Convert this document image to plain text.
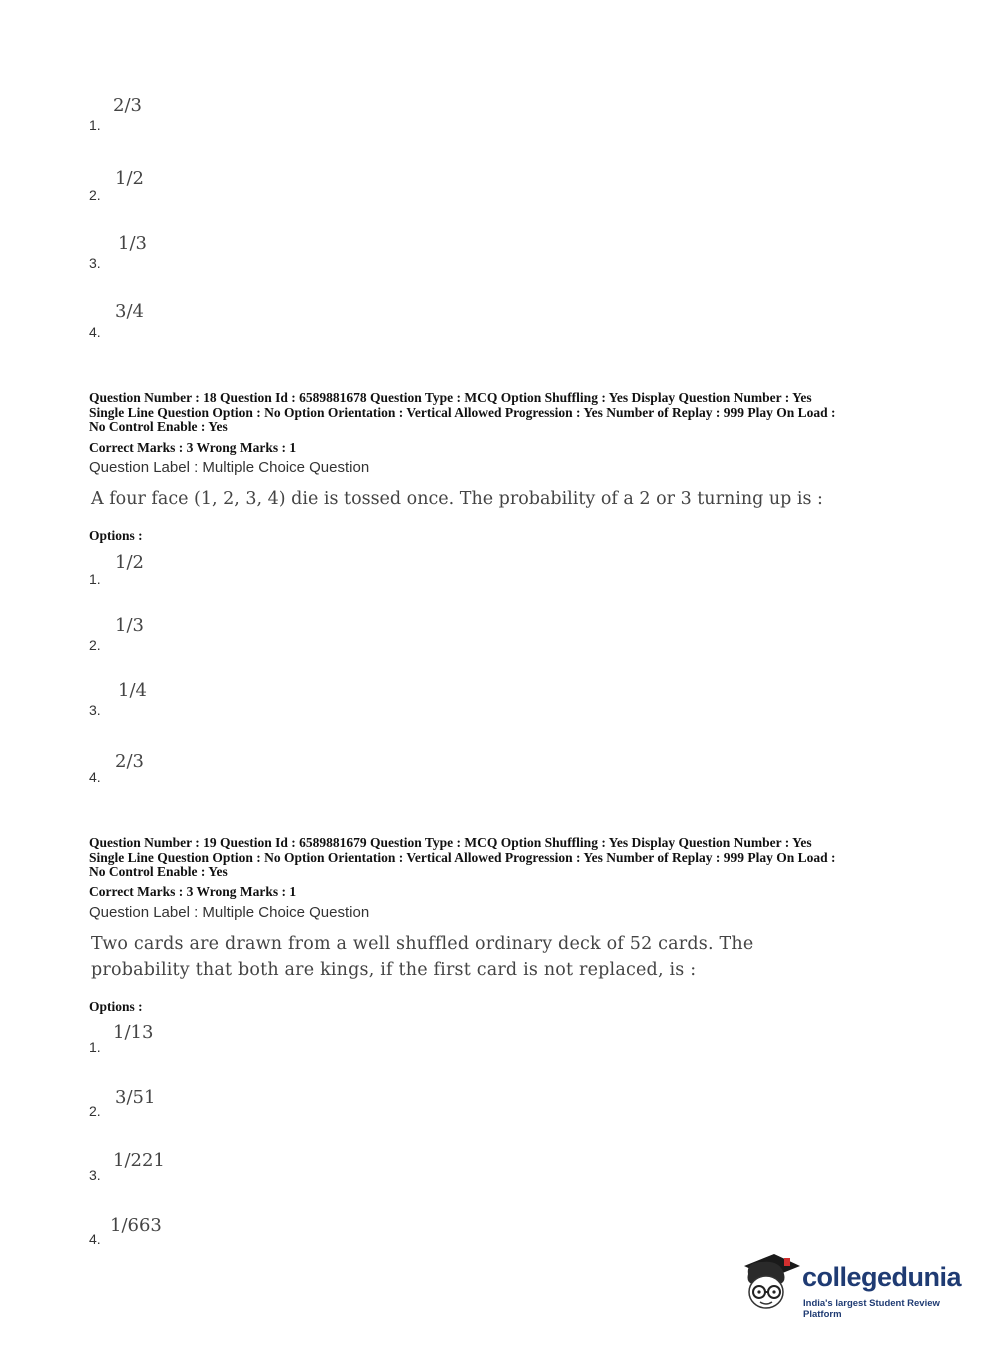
2/3
1.
1/2
2.
1/3
3.
3/4
4.
Question Number : 18 Question Id : 6589881678 Question Type : MCQ Option Shuffling : Yes Display Question Number : Yes
Single Line Question Option : No Option Orientation : Vertical Allowed Progression : Yes Number of Replay : 999 Play On Load :
No Control Enable : Yes
Correct Marks : 3 Wrong Marks : 1
Question Label : Multiple Choice Question
A four face (1, 2, 3, 4) die is tossed once. The probability of a 2 or 3 turning up is :
Options :
1/2
1.
1/3
2.
1/4
3.
2/3
4.
Question Number : 19 Question Id : 6589881679 Question Type : MCQ Option Shuffling : Yes Display Question Number : Yes
Single Line Question Option : No Option Orientation : Vertical Allowed Progression : Yes Number of Replay : 999 Play On Load :
No Control Enable : Yes
Correct Marks : 3 Wrong Marks : 1
Question Label : Multiple Choice Question
Two cards are drawn from a well shuffled ordinary deck of 52 cards. The
probability that both are kings, if the first card is not replaced, is :
Options :
1/13
1.
3/51
2.
1/221
3.
1/663
4.
collegedunia
India's largest Student Review Platform
